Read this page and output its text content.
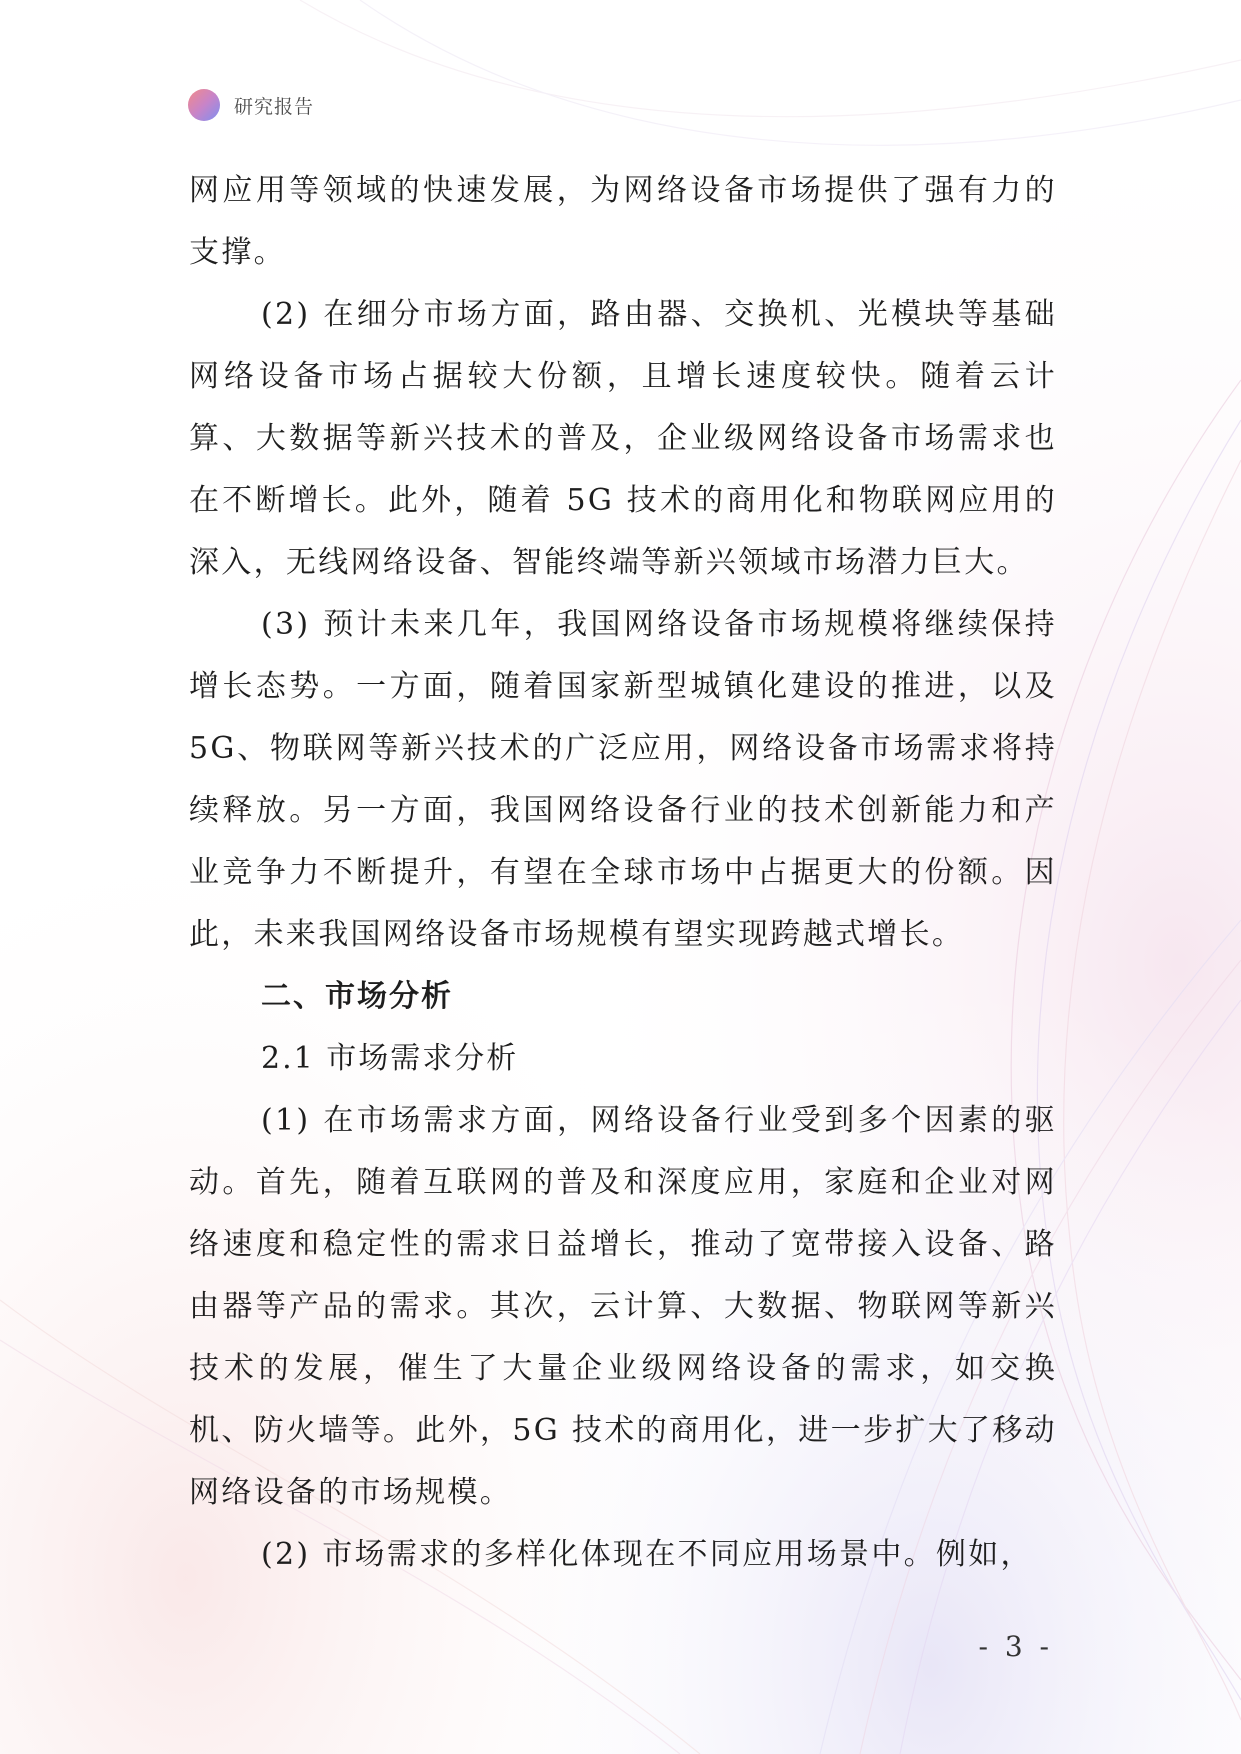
研究报告

网应用等领域的快速发展，为网络设备市场提供了强有力的支撑。

(2) 在细分市场方面，路由器、交换机、光模块等基础网络设备市场占据较大份额，且增长速度较快。随着云计算、大数据等新兴技术的普及，企业级网络设备市场需求也在不断增长。此外，随着 5G 技术的商用化和物联网应用的深入，无线网络设备、智能终端等新兴领域市场潜力巨大。

(3) 预计未来几年，我国网络设备市场规模将继续保持增长态势。一方面，随着国家新型城镇化建设的推进，以及5G、物联网等新兴技术的广泛应用，网络设备市场需求将持续释放。另一方面，我国网络设备行业的技术创新能力和产业竞争力不断提升，有望在全球市场中占据更大的份额。因此，未来我国网络设备市场规模有望实现跨越式增长。

二、市场分析

2.1 市场需求分析

(1) 在市场需求方面，网络设备行业受到多个因素的驱动。首先，随着互联网的普及和深度应用，家庭和企业对网络速度和稳定性的需求日益增长，推动了宽带接入设备、路由器等产品的需求。其次，云计算、大数据、物联网等新兴技术的发展，催生了大量企业级网络设备的需求，如交换机、防火墙等。此外，5G 技术的商用化，进一步扩大了移动网络设备的市场规模。

(2) 市场需求的多样化体现在不同应用场景中。例如，

- 3 -
